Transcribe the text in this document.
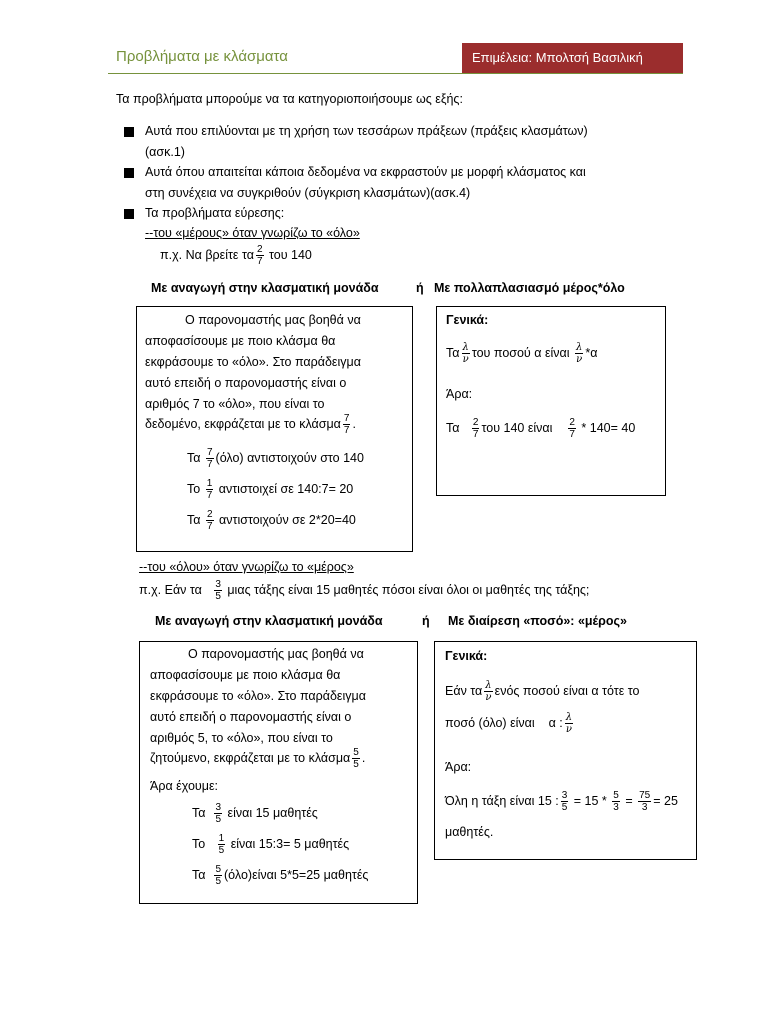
Προβλήματα με κλάσματα	Επιμέλεια: Μπολτσή Βασιλική
Τα προβλήματα μπορούμε να τα κατηγοριοποιήσουμε ως εξής:
Αυτά που επιλύονται με τη χρήση των τεσσάρων πράξεων (πράξεις κλασμάτων)
(ασκ.1)
Αυτά όπου απαιτείται κάποια δεδομένα να εκφραστούν με μορφή κλάσματος και
στη συνέχεια να συγκριθούν (σύγκριση κλασμάτων)(ασκ.4)
Τα προβλήματα εύρεσης:
--του «μέρους» όταν γνωρίζω το «όλο»
π.χ. Να βρείτε τα $\frac{2}{7}$ του 140
Με αναγωγή στην κλασματική μονάδα	ή Με πολλαπλασιασμό μέρος*όλο
Ο παρονομαστής μας βοηθά να
αποφασίσουμε με ποιο κλάσμα θα
εκφράσουμε το «όλο». Στο παράδειγμα
αυτό επειδή ο παρονομαστής είναι ο
αριθμός 7 το «όλο», που είναι το
δεδομένο, εκφράζεται με το κλάσμα $\frac{7}{7}$ .
Τα $\frac{7}{7} (ό\lambda o)$ αντιστοιχούν στο 140
Το $\frac{1}{7}$ αντιστοιχεί σε 140:7= 20
Τα $\frac{2}{7}$ αντιστοιχούν σε 2*20=40
Γενικά:
Τα $\frac{\lambda}{\nu}$ του ποσού α είναι $\frac{\lambda}{\nu} *\alpha$
Άρα:
Τα $\frac{2}{7}$ του 140 είναι $\frac{2}{7} * 140= 40$
--του «όλου» όταν γνωρίζω το «μέρος»
π.χ. Εάν τα $\frac{3}{5}$ μιας τάξης είναι 15 μαθητές πόσοι είναι όλοι οι μαθητές της τάξης;
Με αναγωγή στην κλασματική μονάδα	ή Με διαίρεση «ποσό»: «μέρος»
Ο παρονομαστής μας βοηθά να
αποφασίσουμε με ποιο κλάσμα θα
εκφράσουμε το «όλο». Στο παράδειγμα
αυτό επειδή ο παρονομαστής είναι ο
αριθμός 5, το «όλο», που είναι το
ζητούμενο, εκφράζεται με το κλάσμα $\frac{5}{5}$ .
Άρα έχουμε:
Τα $\frac{3}{5}$ είναι 15 μαθητές
Το $\frac{1}{5}$ είναι 15:3= 5 μαθητές
Τα $\frac{5}{5} (ό\lambda o)\varepsilon ί\nu\alpha\iota$ 5*5=25 μαθητές
Γενικά:
Εάν τα $\frac{\lambda}{\nu}$ ενός ποσού είναι α τότε το
ποσό (όλο) είναι α : $\frac{\lambda}{\nu}$
Άρα:
Όλη η τάξη είναι 15 : $\frac{3}{5} = 15 * \frac{5}{3} = \frac{75}{3} = 25$
μαθητές.
